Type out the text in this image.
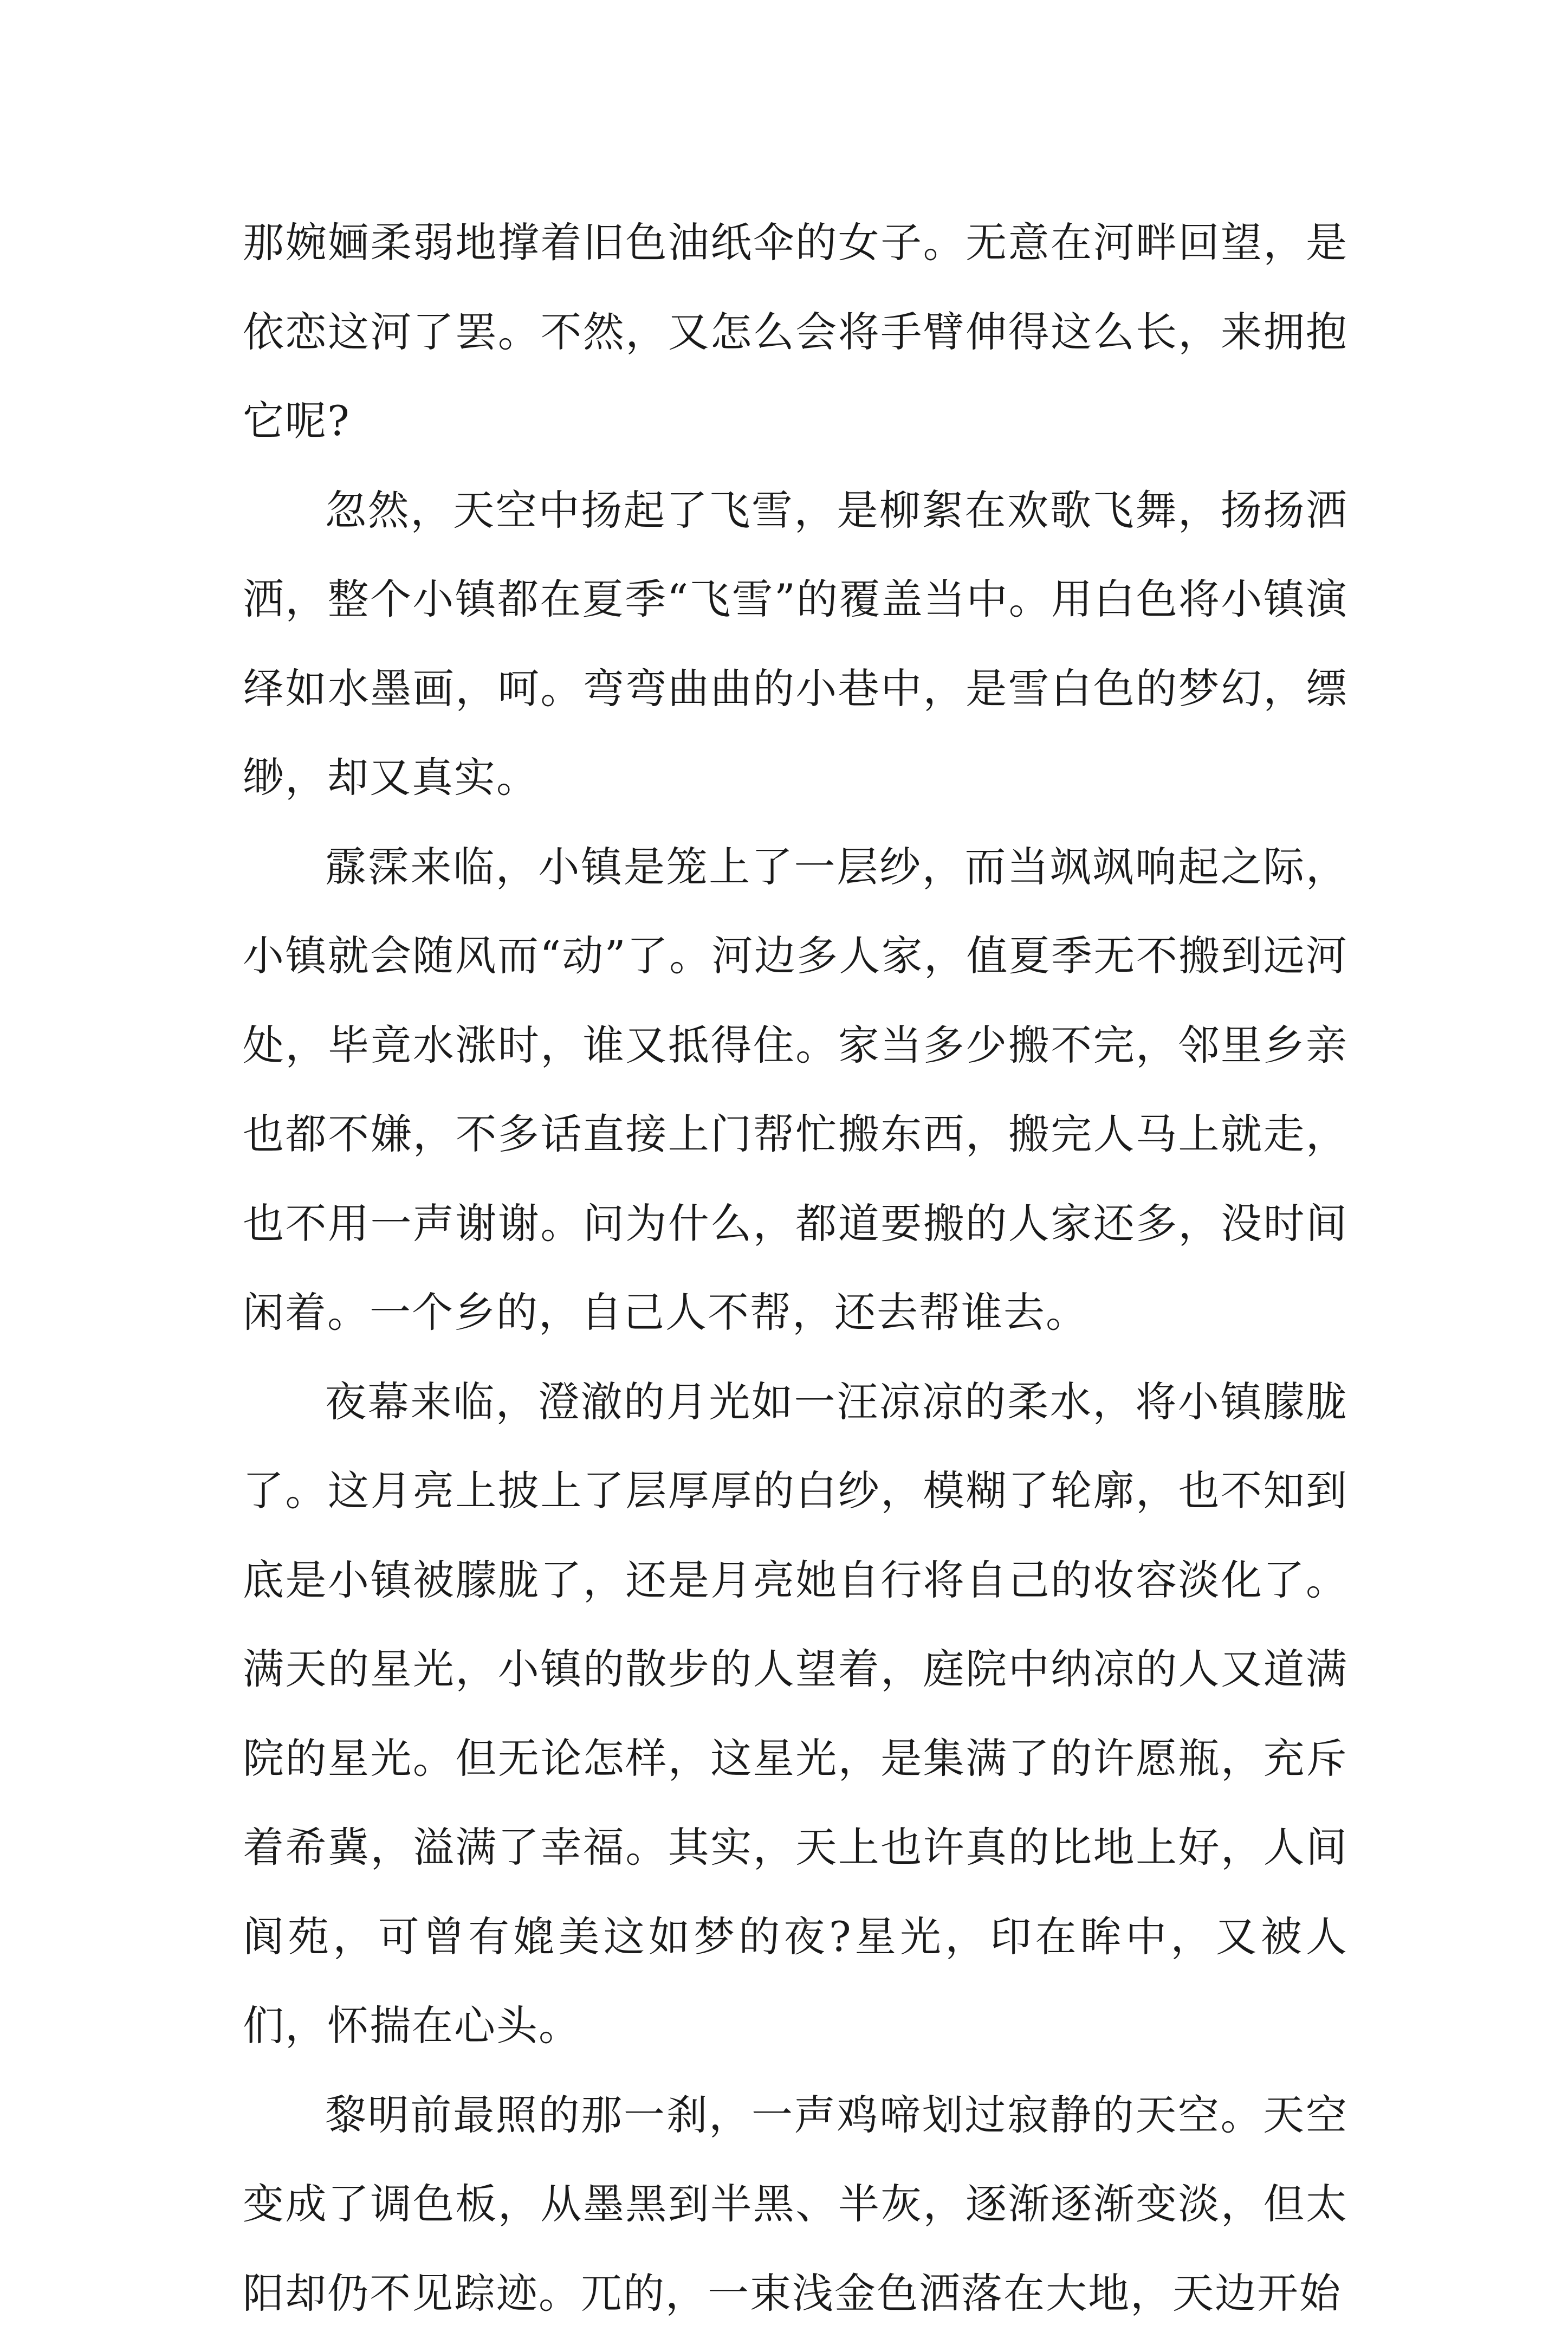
那婉婳柔弱地撑着旧色油纸伞的女子。无意在河畔回望，是依恋这河了罢。不然，又怎么会将手臂伸得这么长，来拥抱它呢?

忽然，天空中扬起了飞雪，是柳絮在欢歌飞舞，扬扬洒洒，整个小镇都在夏季“飞雪”的覆盖当中。用白色将小镇演绎如水墨画，呵。弯弯曲曲的小巷中，是雪白色的梦幻，缥缈，却又真实。

霡霂来临，小镇是笼上了一层纱，而当飒飒响起之际，小镇就会随风而“动”了。河边多人家，值夏季无不搬到远河处，毕竟水涨时，谁又抵得住。家当多少搬不完，邻里乡亲也都不嫌，不多话直接上门帮忙搬东西，搬完人马上就走，也不用一声谢谢。问为什么，都道要搬的人家还多，没时间闲着。一个乡的，自己人不帮，还去帮谁去。

夜幕来临，澄澈的月光如一汪凉凉的柔水，将小镇朦胧了。这月亮上披上了层厚厚的白纱，模糊了轮廓，也不知到底是小镇被朦胧了，还是月亮她自行将自己的妆容淡化了。满天的星光，小镇的散步的人望着，庭院中纳凉的人又道满院的星光。但无论怎样，这星光，是集满了的许愿瓶，充斥着希冀，溢满了幸福。其实，天上也许真的比地上好，人间阆苑，可曾有媲美这如梦的夜?星光，印在眸中，又被人们，怀揣在心头。

黎明前最照的那一刹，一声鸡啼划过寂静的天空。天空变成了调色板，从墨黑到半黑、半灰，逐渐逐渐变淡，但太阳却仍不见踪迹。兀的，一束浅金色洒落在大地，天边开始
